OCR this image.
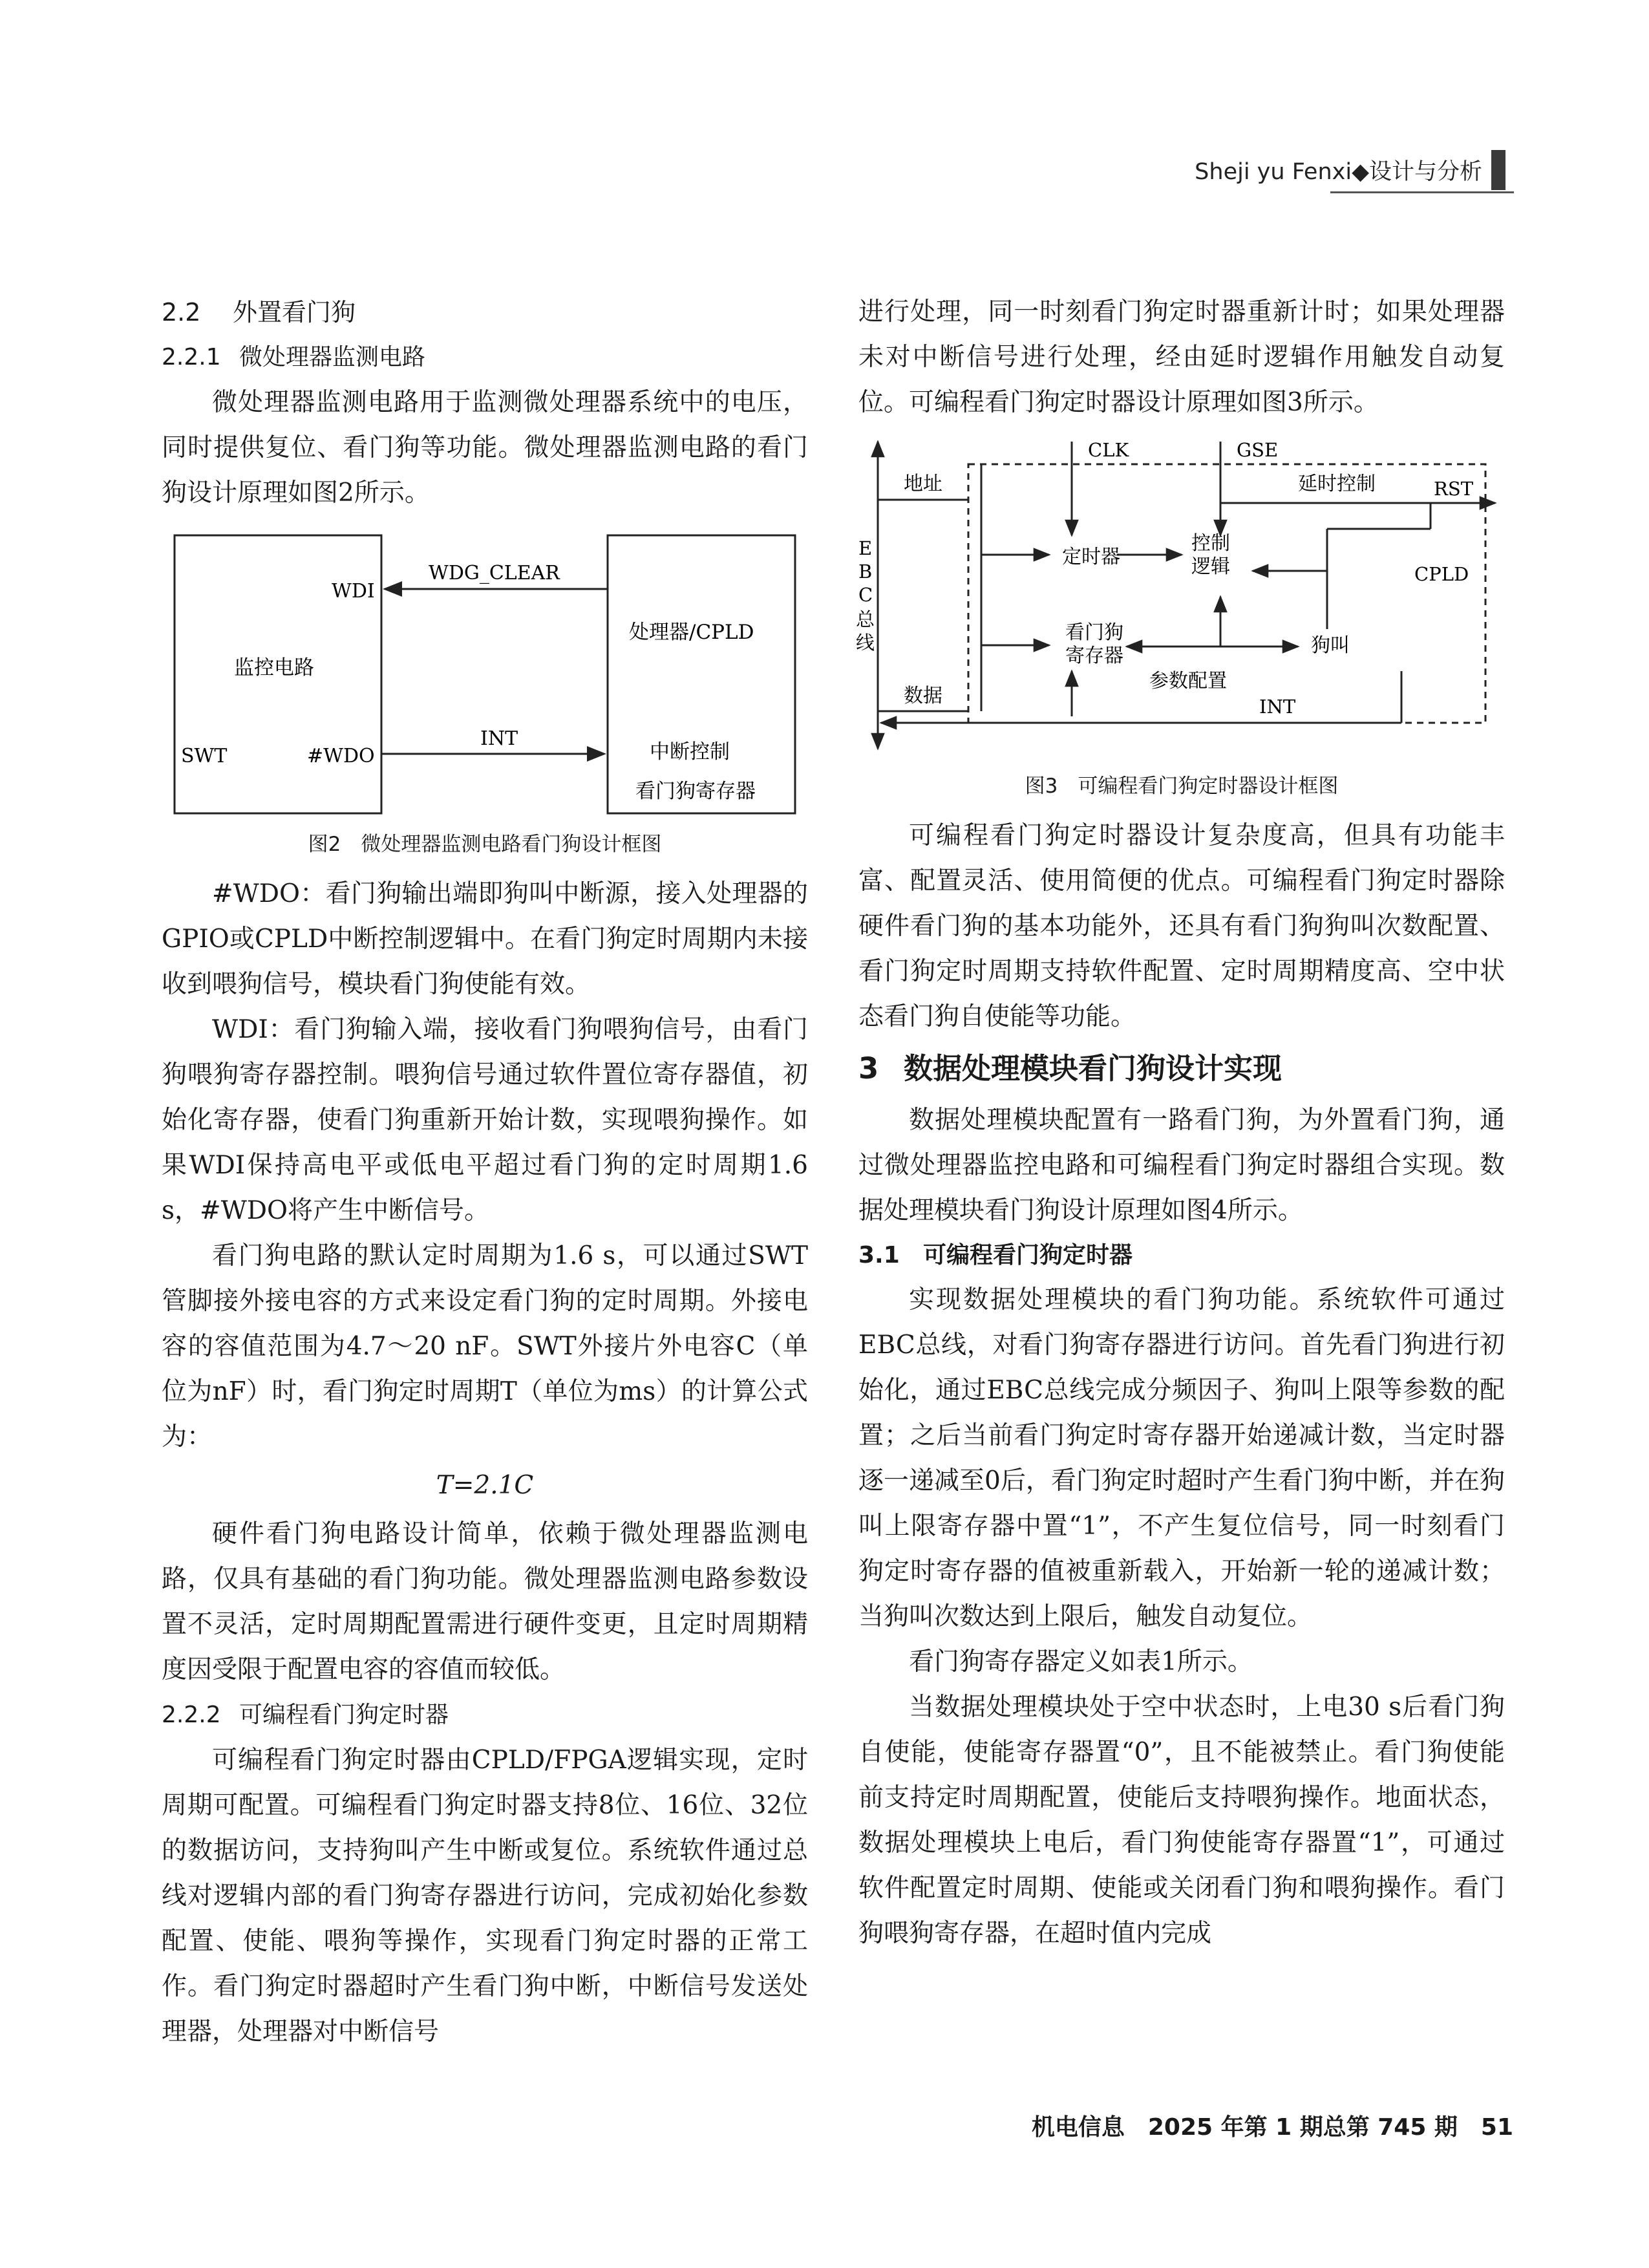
Sheji yu Fenxi◆设计与分析

2.2 外置看门狗

2.2.1 微处理器监测电路

微处理器监测电路用于监测微处理器系统中的电压，同时提供复位、看门狗等功能。微处理器监测电路的看门狗设计原理如图2所示。

WDI
WDG_CLEAR
监控电路
处理器/CPLD
SWT	#WDO
INT
中断控制
看门狗寄存器

图2　微处理器监测电路看门狗设计框图

#WDO：看门狗输出端即狗叫中断源，接入处理器的GPIO或CPLD中断控制逻辑中。在看门狗定时周期内未接收到喂狗信号，模块看门狗使能有效。

WDI：看门狗输入端，接收看门狗喂狗信号，由看门狗喂狗寄存器控制。喂狗信号通过软件置位寄存器值，初始化寄存器，使看门狗重新开始计数，实现喂狗操作。如果WDI保持高电平或低电平超过看门狗的定时周期1.6 s，#WDO将产生中断信号。

看门狗电路的默认定时周期为1.6 s，可以通过SWT管脚接外接电容的方式来设定看门狗的定时周期。外接电容的容值范围为4.7～20 nF。SWT外接片外电容C（单位为nF）时，看门狗定时周期T（单位为ms）的计算公式为：

T=2.1C

硬件看门狗电路设计简单，依赖于微处理器监测电路，仅具有基础的看门狗功能。微处理器监测电路参数设置不灵活，定时周期配置需进行硬件变更，且定时周期精度因受限于配置电容的容值而较低。

2.2.2 可编程看门狗定时器

可编程看门狗定时器由CPLD/FPGA逻辑实现，定时周期可配置。可编程看门狗定时器支持8位、16位、32位的数据访问，支持狗叫产生中断或复位。系统软件通过总线对逻辑内部的看门狗寄存器进行访问，完成初始化参数配置、使能、喂狗等操作，实现看门狗定时器的正常工作。看门狗定时器超时产生看门狗中断，中断信号发送处理器，处理器对中断信号

进行处理，同一时刻看门狗定时器重新计时；如果处理器未对中断信号进行处理，经由延时逻辑作用触发自动复位。可编程看门狗定时器设计原理如图3所示。

CLK	GSE
地址
E
B
C
总
线
定时器
控制
逻辑
延时控制	RST
CPLD
看门狗
寄存器	狗叫
参数配置
数据	INT

图3　可编程看门狗定时器设计框图

可编程看门狗定时器设计复杂度高，但具有功能丰富、配置灵活、使用简便的优点。可编程看门狗定时器除硬件看门狗的基本功能外，还具有看门狗狗叫次数配置、看门狗定时周期支持软件配置、定时周期精度高、空中状态看门狗自使能等功能。

3 数据处理模块看门狗设计实现

数据处理模块配置有一路看门狗，为外置看门狗，通过微处理器监控电路和可编程看门狗定时器组合实现。数据处理模块看门狗设计原理如图4所示。

3.1 可编程看门狗定时器

实现数据处理模块的看门狗功能。系统软件可通过EBC总线，对看门狗寄存器进行访问。首先看门狗进行初始化，通过EBC总线完成分频因子、狗叫上限等参数的配置；之后当前看门狗定时寄存器开始递减计数，当定时器逐一递减至0后，看门狗定时超时产生看门狗中断，并在狗叫上限寄存器中置“1”，不产生复位信号，同一时刻看门狗定时寄存器的值被重新载入，开始新一轮的递减计数；当狗叫次数达到上限后，触发自动复位。

看门狗寄存器定义如表1所示。

当数据处理模块处于空中状态时，上电30 s后看门狗自使能，使能寄存器置“0”，且不能被禁止。看门狗使能前支持定时周期配置，使能后支持喂狗操作。地面状态，数据处理模块上电后，看门狗使能寄存器置“1”，可通过软件配置定时周期、使能或关闭看门狗和喂狗操作。看门狗喂狗寄存器，在超时值内完成

机电信息　2025 年第 1 期总第 745 期　51
